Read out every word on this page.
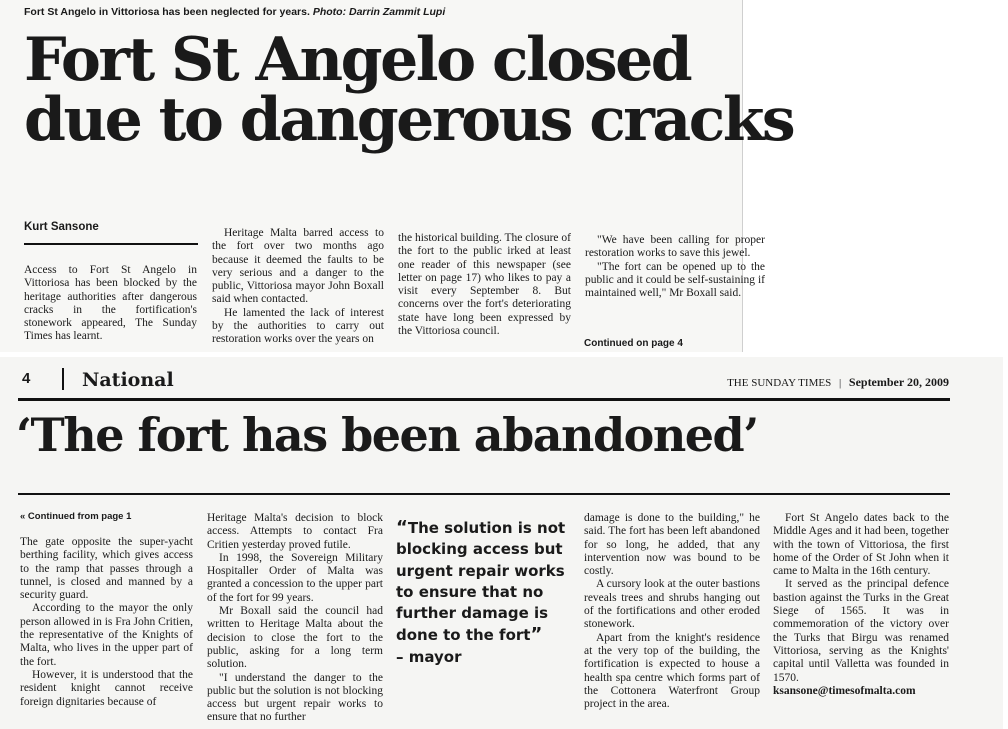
Fort St Angelo in Vittoriosa has been neglected for years. Photo: Darrin Zammit Lupi
Fort St Angelo closed
due to dangerous cracks
Kurt Sansone

Access to Fort St Angelo in Vittoriosa has been blocked by the heritage authorities after dangerous cracks in the fortification's stonework appeared, The Sunday Times has learnt.

Heritage Malta barred access to the fort over two months ago because it deemed the faults to be very serious and a danger to the public, Vittoriosa mayor John Boxall said when contacted.

He lamented the lack of interest by the authorities to carry out restoration works over the years on

the historical building. The closure of the fort to the public irked at least one reader of this newspaper (see letter on page 17) who likes to pay a visit every September 8. But concerns over the fort's deteriorating state have long been expressed by the Vittoriosa council.

"We have been calling for proper restoration works to save this jewel.

"The fort can be opened up to the public and it could be self-sustaining if maintained well," Mr Boxall said.

Continued on page 4
4	National	THE SUNDAY TIMES | September 20, 2009
‘The fort has been abandoned’
« Continued from page 1

The gate opposite the super-yacht berthing facility, which gives access to the ramp that passes through a tunnel, is closed and manned by a security guard.

According to the mayor the only person allowed in is Fra John Critien, the representative of the Knights of Malta, who lives in the upper part of the fort.

However, it is understood that the resident knight cannot receive foreign dignitaries because of

Heritage Malta's decision to block access. Attempts to contact Fra Critien yesterday proved futile.

In 1998, the Sovereign Military Hospitaller Order of Malta was granted a concession to the upper part of the fort for 99 years.

Mr Boxall said the council had written to Heritage Malta about the decision to close the fort to the public, asking for a long term solution.

"I understand the danger to the public but the solution is not blocking access but urgent repair works to ensure that no further

“The solution is not blocking access but urgent repair works to ensure that no further damage is done to the fort”
– mayor

damage is done to the building," he said. The fort has been left abandoned for so long, he added, that any intervention now was bound to be costly.

A cursory look at the outer bastions reveals trees and shrubs hanging out of the fortifications and other eroded stonework.

Apart from the knight's residence at the very top of the building, the fortification is expected to house a health spa centre which forms part of the Cottonera Waterfront Group project in the area.

Fort St Angelo dates back to the Middle Ages and it had been, together with the town of Vittoriosa, the first home of the Order of St John when it came to Malta in the 16th century.

It served as the principal defence bastion against the Turks in the Great Siege of 1565. It was in commemoration of the victory over the Turks that Birgu was renamed Vittoriosa, serving as the Knights' capital until Valletta was founded in 1570.

ksansone@timesofmalta.com
